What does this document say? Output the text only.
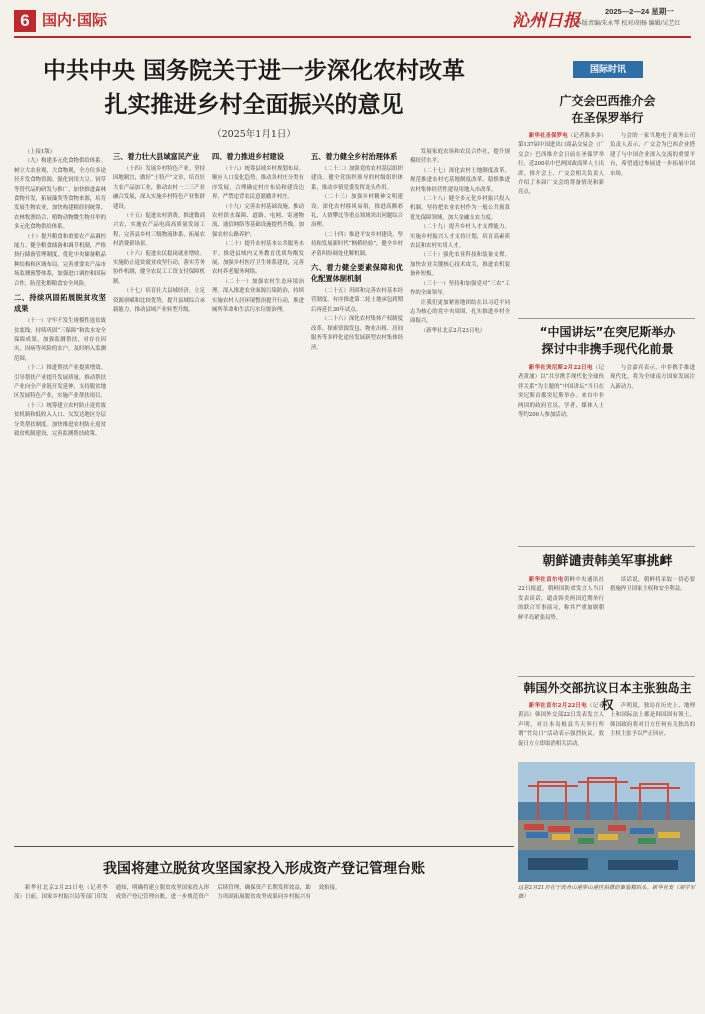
6 国内·国际	沁州日报	2025—2—24 星期一
本版责编/朱永琴 校对/胡杨 编辑/吴艺红
中共中央 国务院关于进一步深化农村改革
扎实推进乡村全面振兴的意见
（2025年1月1日）

（上接1版）

（九）构建多元化食物供给体系。树立大农业观、大食物观，全方位多途径开发食物资源。强化饲用大豆、饲草等替代品的研发与推广，加快推进森林食物开发，拓展藻类等食物来源，培育发展生物农业，加快构建粮经饲统筹、农林牧渔结合、植物动物微生物并举的多元化食物供给体系。

（十）提升粮食和重要农产品调控能力。健全粮食储备和调节机制，严格执行储备管理制度，优化中央储备粮品种结构和区域布局。完善重要农产品市场监测预警体系，加强进口调控和国际合作，防范化解粮食安全风险。

二、持续巩固拓展脱贫攻坚成果

（十一）守牢不发生规模性返贫致贫底线。持续巩固“三保障”和饮水安全保障成果，加强监测帮扶，对存在因灾、因病等风险的农户，及时纳入监测范围。

（十二）推进帮扶产业提质增效。引导帮扶产业提升发展质量，推动帮扶产业向全产业链开发延伸，支持脱贫地区发展特色产业，实施产业帮扶项目。

（十三）统筹建立农村防止返贫致贫机制和低收入人口、欠发达地区分层分类帮扶制度。加快推进农村防止返贫致贫机制建设，完善监测帮扶政策。

三、着力壮大县域富民产业

（十四）发展乡村特色产业。坚持因地制宜，做好“土特产”文章，培育壮大农产品加工业，推动农村一二三产业融合发展，深入实施乡村特色产业集群建设。

（十五）促进农村消费。推进数商兴农，实施农产品电商高质量发展工程，完善县乡村三级物流体系，拓展农村消费新场景。

（十六）促进农民稳岗就业增收。实施防止返贫就业攻坚行动，落实劳务协作机制，健全农民工工资支付保障机制。

（十七）培育壮大县域经济。立足资源禀赋和比较优势，提升县域综合承载能力，推动县域产业转型升级。

四、着力推进乡村建设

（十八）统筹县域乡村规划布局。顺应人口变化趋势，推动各村庄分类有序发展，合理确定村庄布局和建设边界，严禁违背农民意愿撤并村庄。

（十九）完善农村基础设施。推动农村供水保障、道路、电网、寄递物流、通信网络等基础设施提档升级，加强农村公路养护。

（二十）提升农村基本公共服务水平。推进县域内义务教育优质均衡发展，加强乡村医疗卫生体系建设，完善农村养老服务网络。

（二十一）加强农村生态环境治理。深入推进农业面源污染防治，持续实施农村人居环境整治提升行动，推进厕所革命和生活污水垃圾治理。

五、着力健全乡村治理体系

（二十二）加强党的农村基层组织建设。健全党组织领导的村级组织体系，推动乡镇党委发挥龙头作用。

（二十三）加强乡村精神文明建设。深化农村移风易俗，推进高额彩礼、人情攀比等重点领域突出问题综合治理。

（二十四）推进平安乡村建设。坚持和发展新时代“枫桥经验”，健全乡村矛盾纠纷调处化解机制。

六、着力健全要素保障和优化配置体制机制

（二十五）巩固和完善农村基本经营制度。有序推进第二轮土地承包到期后再延长30年试点。

（二十六）深化农村集体产权制度改革。探索资源发包、物业出租、居间服务等多样化途径发展新型农村集体经济。

发展家庭农场和农民合作社，提升规模经营水平。

（二十七）深化农村土地制度改革。规范推进农村宅基地制度改革，稳慎推进农村集体经营性建设用地入市改革。

（二十八）健全多元化乡村振兴投入机制。坚持把农业农村作为一般公共预算优先保障领域，加大金融支农力度。

（二十九）提升乡村人才支撑能力。实施乡村振兴人才支持计划，培育高素质农民和农村实用人才。

（三十）强化农业科技和装备支撑。加快农业关键核心技术攻关，推进农机装备补短板。

（三十一）坚持和加强党对“三农”工作的全面领导。

让我们更加紧密地团结在以习近平同志为核心的党中央周围，扎实推进乡村全面振兴。

（新华社北京2月23日电）

国际时讯
广交会巴西推介会
在圣保罗举行

新华社圣保罗电（记者陈多多）第137届中国进出口商品交易会（广交会）巴西推介会日前在圣保罗举行，近200名中巴两国政商界人士出席。推介会上，广交会相关负责人介绍了本届广交会的筹备情况和新亮点。

与会的一家当地电子商务公司负责人表示，广交会为巴西企业搭建了与中国企业深入交流的重要平台，希望通过参展进一步拓展中国市场。

“中国讲坛”在突尼斯举办
探讨中非携手现代化前景

新华社突尼斯2月22日电（记者黄浦）以“共享携手现代化全球伙伴关系”为主题的“中国讲坛”当日在突尼斯首都突尼斯举办。来自中非两国的政府官员、学者、媒体人士等约200人参加活动。

与会嘉宾表示，中非携手推进现代化，将为全球南方国家发展注入新动力。

朝鲜谴责韩美军事挑衅

新华社首尔电朝鲜中央通讯社22日报道，朝鲜国防省发言人当日发表谈话，谴责韩美两国近期举行的联合军事演习，称其严重加剧朝鲜半岛紧张局势。

谈话说，朝鲜将采取一切必要措施捍卫国家主权和安全利益。

韩国外交部抗议日本主张独岛主权

新华社首尔2月22日电（记者黄洁）韩国外交部22日发表发言人声明，对日本岛根县当天举行所谓“竹岛日”活动表示强烈抗议，敦促日方立即取消相关活动。

声明说，独岛在历史上、地理上和国际法上都是韩国固有领土，韩国政府将对日方任何有关独岛的主权主张予以严正回应。

这是2月21日在宁波舟山港穿山港区拍摄的集装箱码头。新华社发（胡学军 摄）
我国将建立脱贫攻坚国家投入形成资产登记管理台账

新华社北京2月23日电（记者李茂）日前，国家乡村振兴局等部门印发通知，明确将建立脱贫攻坚国家投入形成资产登记管理台账，进一步规范资产后续管理，确保资产长期发挥效益，助力巩固拓展脱贫攻坚成果同乡村振兴有效衔接。
